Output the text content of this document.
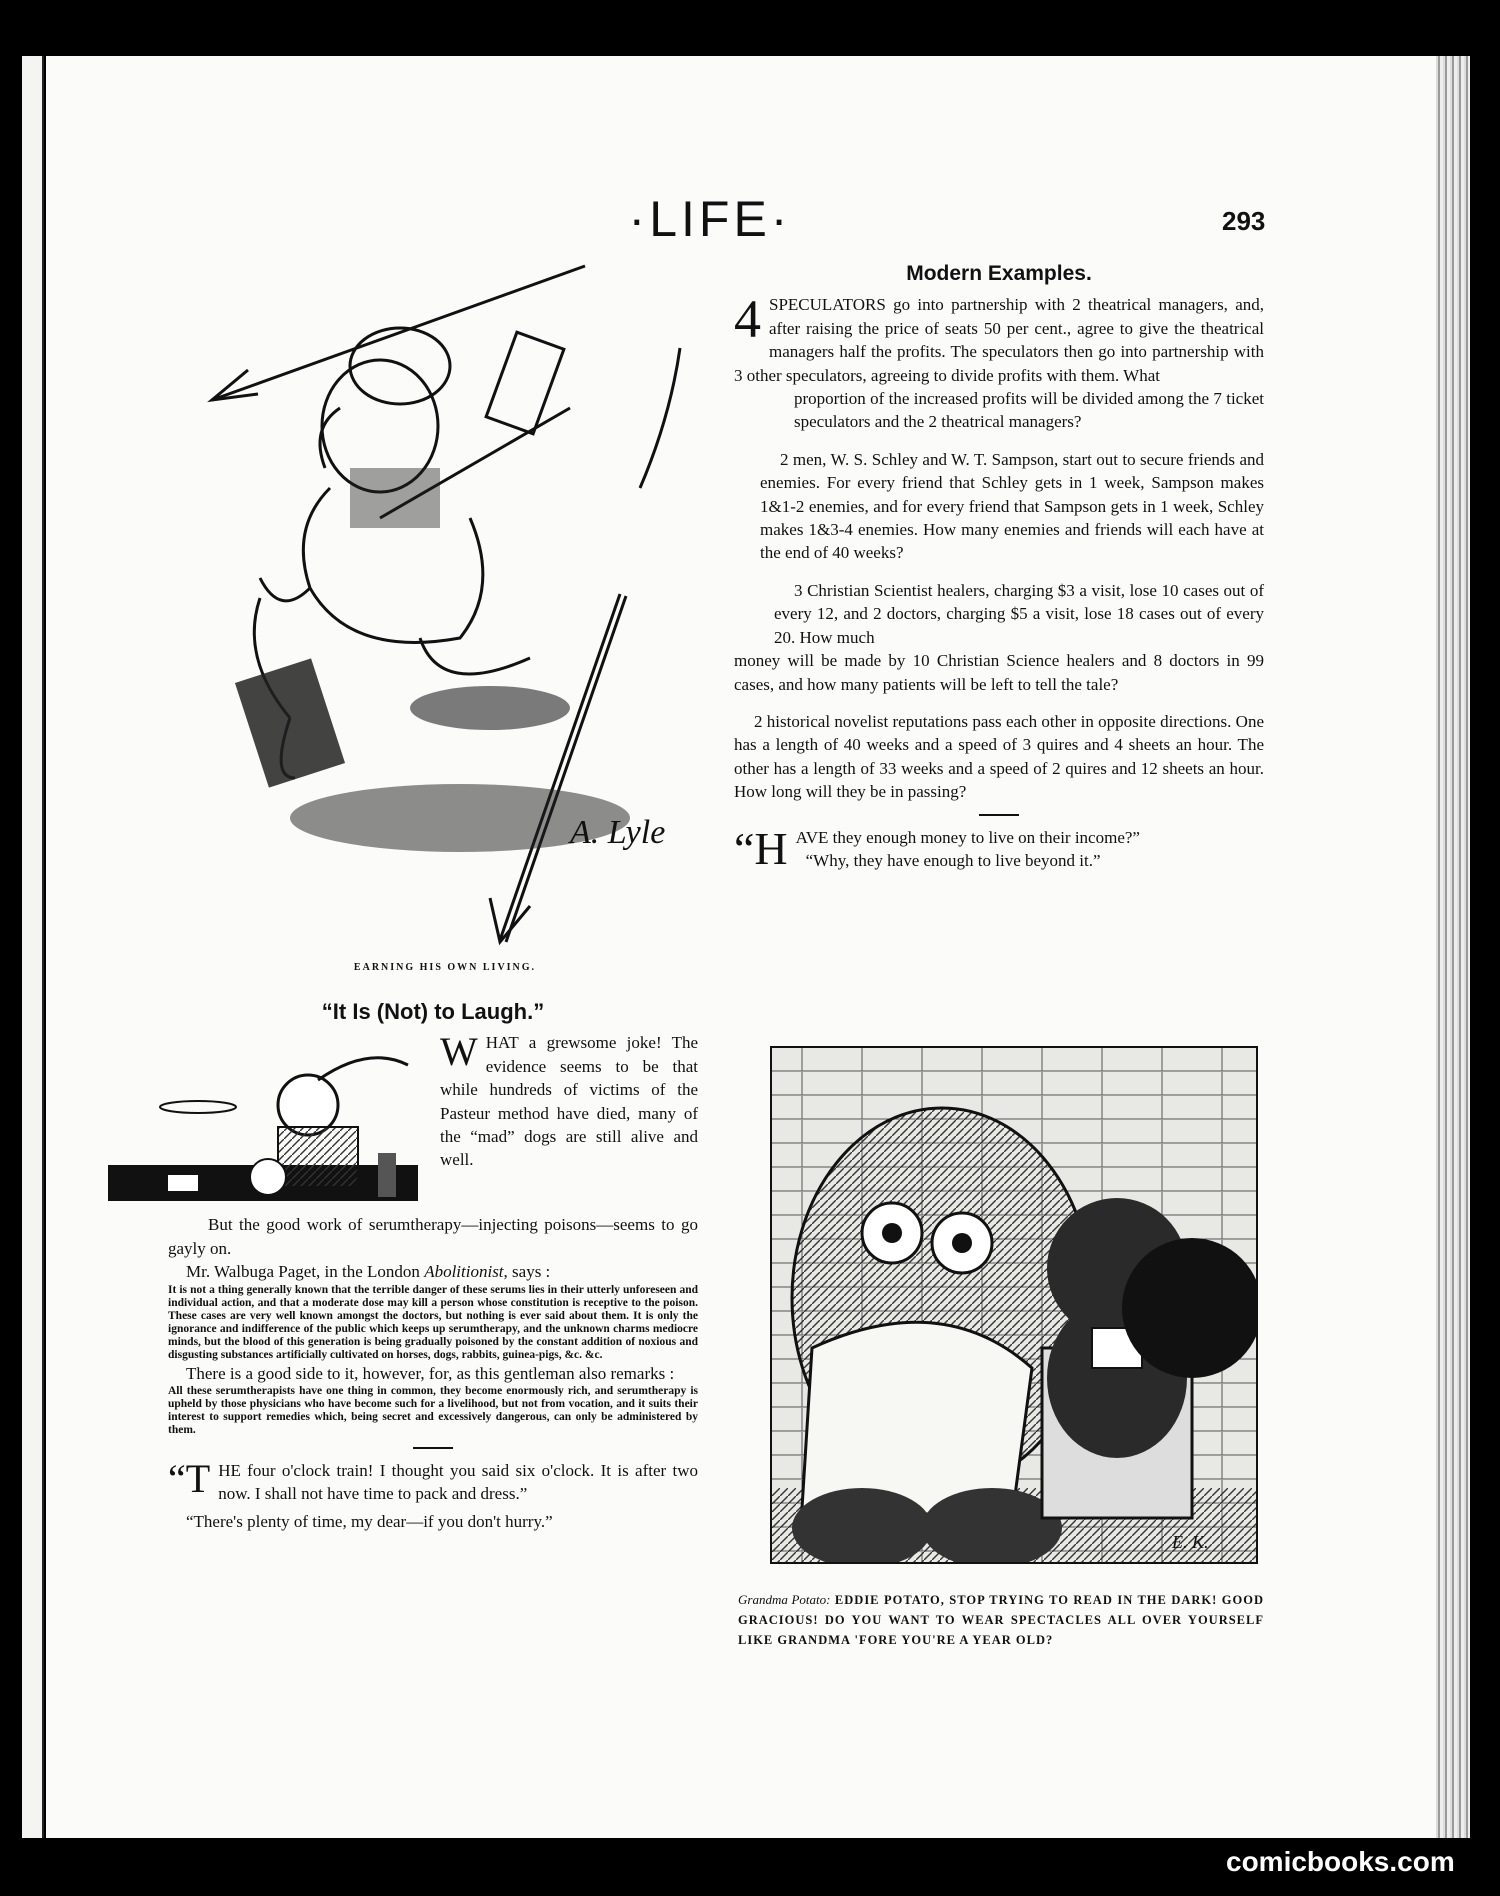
·LIFE·	293
A. Lyle
EARNING HIS OWN LIVING.
Modern Examples.

4 SPECULATORS go into partnership with 2 theatrical managers, and, after raising the price of seats 50 per cent., agree to give the theatrical managers half the profits. The speculators then go into partnership with 3 other speculators, agreeing to divide profits with them. What

proportion of the increased profits will be divided among the 7 ticket speculators and the 2 theatrical managers?

2 men, W. S. Schley and W. T. Sampson, start out to secure friends and enemies. For every friend that Schley gets in 1 week, Sampson makes 1&1-2 enemies, and for every friend that Sampson gets in 1 week, Schley makes 1&3-4 enemies. How many enemies and friends will each have at the end of 40 weeks?

3 Christian Scientist healers, charging $3 a visit, lose 10 cases out of every 12, and 2 doctors, charging $5 a visit, lose 18 cases out of every 20. How much

money will be made by 10 Christian Science healers and 8 doctors in 99 cases, and how many patients will be left to tell the tale?

2 historical novelist reputations pass each other in opposite directions. One has a length of 40 weeks and a speed of 3 quires and 4 sheets an hour. The other has a length of 33 weeks and a speed of 2 quires and 12 sheets an hour. How long will they be in passing?

“H AVE they enough money to live on their income?”
“Why, they have enough to live beyond it.”

E. K.
Grandma Potato: EDDIE POTATO, STOP TRYING TO READ IN THE DARK! GOOD GRACIOUS! DO YOU WANT TO WEAR SPECTACLES ALL OVER YOURSELF LIKE GRANDMA 'FORE YOU'RE A YEAR OLD?
“It Is (Not) to Laugh.”

W HAT a grewsome joke! The evidence seems to be that while hundreds of victims of the Pasteur method have died, many of the “mad” dogs are still alive and well.

But the good work of serumtherapy—injecting poisons—seems to go gayly on.

Mr. Walbuga Paget, in the London Abolitionist, says :

It is not a thing generally known that the terrible danger of these serums lies in their utterly unforeseen and individual action, and that a moderate dose may kill a person whose constitution is receptive to the poison. These cases are very well known amongst the doctors, but nothing is ever said about them. It is only the ignorance and indifference of the public which keeps up serumtherapy, and the unknown charms mediocre minds, but the blood of this generation is being gradually poisoned by the constant addition of noxious and disgusting substances artificially cultivated on horses, dogs, rabbits, guinea-pigs, &c. &c.

There is a good side to it, however, for, as this gentleman also remarks :

All these serumtherapists have one thing in common, they become enormously rich, and serumtherapy is upheld by those physicians who have become such for a livelihood, but not from vocation, and it suits their interest to support remedies which, being secret and excessively dangerous, can only be administered by them.

“T HE four o'clock train! I thought you said six o'clock. It is after two now. I shall not have time to pack and dress.”

“There's plenty of time, my dear—if you don't hurry.”

comicbooks.com
